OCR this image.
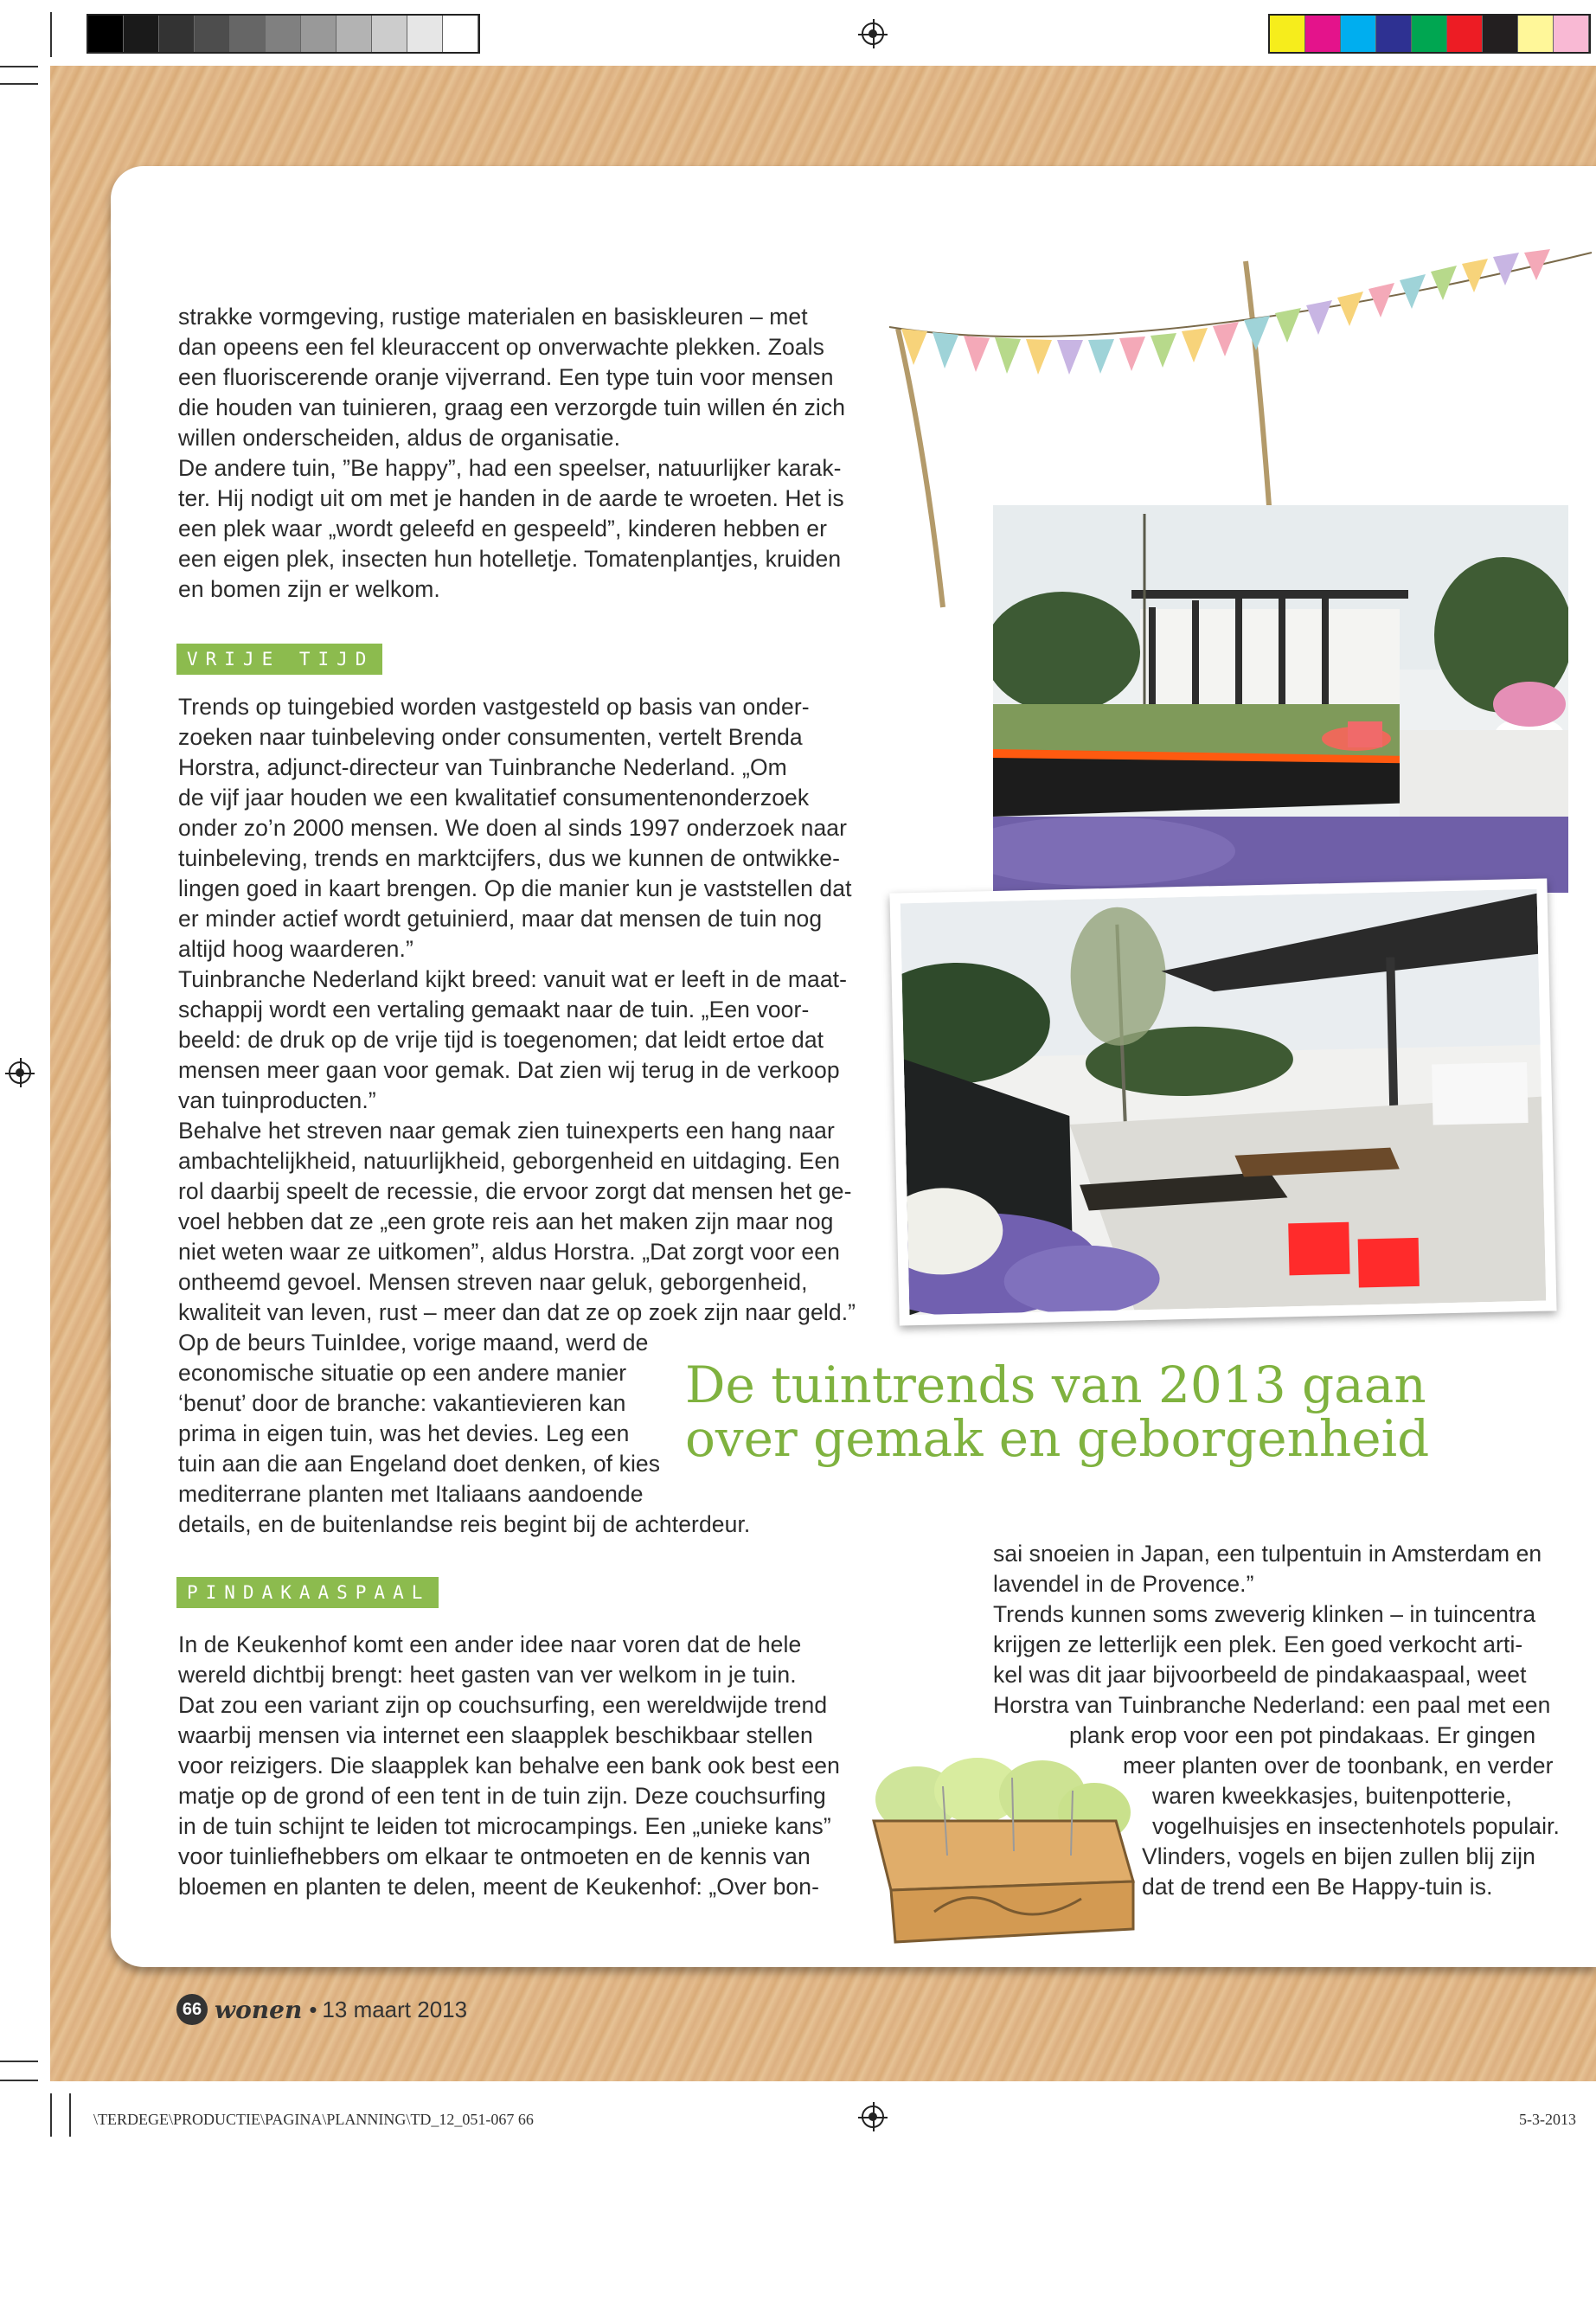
strakke vormgeving, rustige materialen en basiskleuren – met

dan opeens een fel kleuraccent op onverwachte plekken. Zoals

een fluoriscerende oranje vijverrand. Een type tuin voor mensen

die houden van tuinieren, graag een verzorgde tuin willen én zich

willen onderscheiden, aldus de organisatie.

De andere tuin, ”Be happy”, had een speelser, natuurlijker karak-

ter. Hij nodigt uit om met je handen in de aarde te wroeten. Het is

een plek waar „wordt geleefd en gespeeld”, kinderen hebben er

een eigen plek, insecten hun hotelletje. Tomatenplantjes, kruiden

en bomen zijn er welkom.

VRIJE TIJD

Trends op tuingebied worden vastgesteld op basis van onder-

zoeken naar tuinbeleving onder consumenten, vertelt Brenda

Horstra, adjunct-directeur van Tuinbranche Nederland. „Om

de vijf jaar houden we een kwalitatief consumentenonderzoek

onder zo’n 2000 mensen. We doen al sinds 1997 onderzoek naar

tuinbeleving, trends en marktcijfers, dus we kunnen de ontwikke-

lingen goed in kaart brengen. Op die manier kun je vaststellen dat

er minder actief wordt getuinierd, maar dat mensen de tuin nog

altijd hoog waarderen.”

Tuinbranche Nederland kijkt breed: vanuit wat er leeft in de maat-

schappij wordt een vertaling gemaakt naar de tuin. „Een voor-

beeld: de druk op de vrije tijd is toegenomen; dat leidt ertoe dat

mensen meer gaan voor gemak. Dat zien wij terug in de verkoop

van tuinproducten.”

Behalve het streven naar gemak zien tuinexperts een hang naar

ambachtelijkheid, natuurlijkheid, geborgenheid en uitdaging. Een

rol daarbij speelt de recessie, die ervoor zorgt dat mensen het ge-

voel hebben dat ze „een grote reis aan het maken zijn maar nog

niet weten waar ze uitkomen”, aldus Horstra. „Dat zorgt voor een

ontheemd gevoel. Mensen streven naar geluk, geborgenheid,

kwaliteit van leven, rust – meer dan dat ze op zoek zijn naar geld.”

Op de beurs TuinIdee, vorige maand, werd de

economische situatie op een andere manier

‘benut’ door de branche: vakantievieren kan

prima in eigen tuin, was het devies. Leg een

tuin aan die aan Engeland doet denken, of kies

mediterrane planten met Italiaans aandoende

details, en de buitenlandse reis begint bij de achterdeur.

De tuintrends van 2013 gaan
over gemak en geborgenheid
PINDAKAASPAAL

In de Keukenhof komt een ander idee naar voren dat de hele

wereld dichtbij brengt: heet gasten van ver welkom in je tuin.

Dat zou een variant zijn op couchsurfing, een wereldwijde trend

waarbij mensen via internet een slaapplek beschikbaar stellen

voor reizigers. Die slaapplek kan behalve een bank ook best een

matje op de grond of een tent in de tuin zijn. Deze couchsurfing

in de tuin schijnt te leiden tot microcampings. Een „unieke kans”

voor tuinliefhebbers om elkaar te ontmoeten en de kennis van

bloemen en planten te delen, meent de Keukenhof: „Over bon-

sai snoeien in Japan, een tulpentuin in Amsterdam en

lavendel in de Provence.”

Trends kunnen soms zweverig klinken – in tuincentra

krijgen ze letterlijk een plek. Een goed verkocht arti-

kel was dit jaar bijvoorbeeld de pindakaaspaal, weet

Horstra van Tuinbranche Nederland: een paal met een

plank erop voor een pot pindakaas. Er gingen

meer planten over de toonbank, en verder

waren kweekkasjes, buitenpotterie,

vogelhuisjes en insectenhotels populair.

Vlinders, vogels en bijen zullen blij zijn

dat de trend een Be Happy-tuin is.

66 wonen • 13 maart 2013
\TERDEGE\PRODUCTIE\PAGINA\PLANNING\TD_12_051-067 66	5-3-2013
